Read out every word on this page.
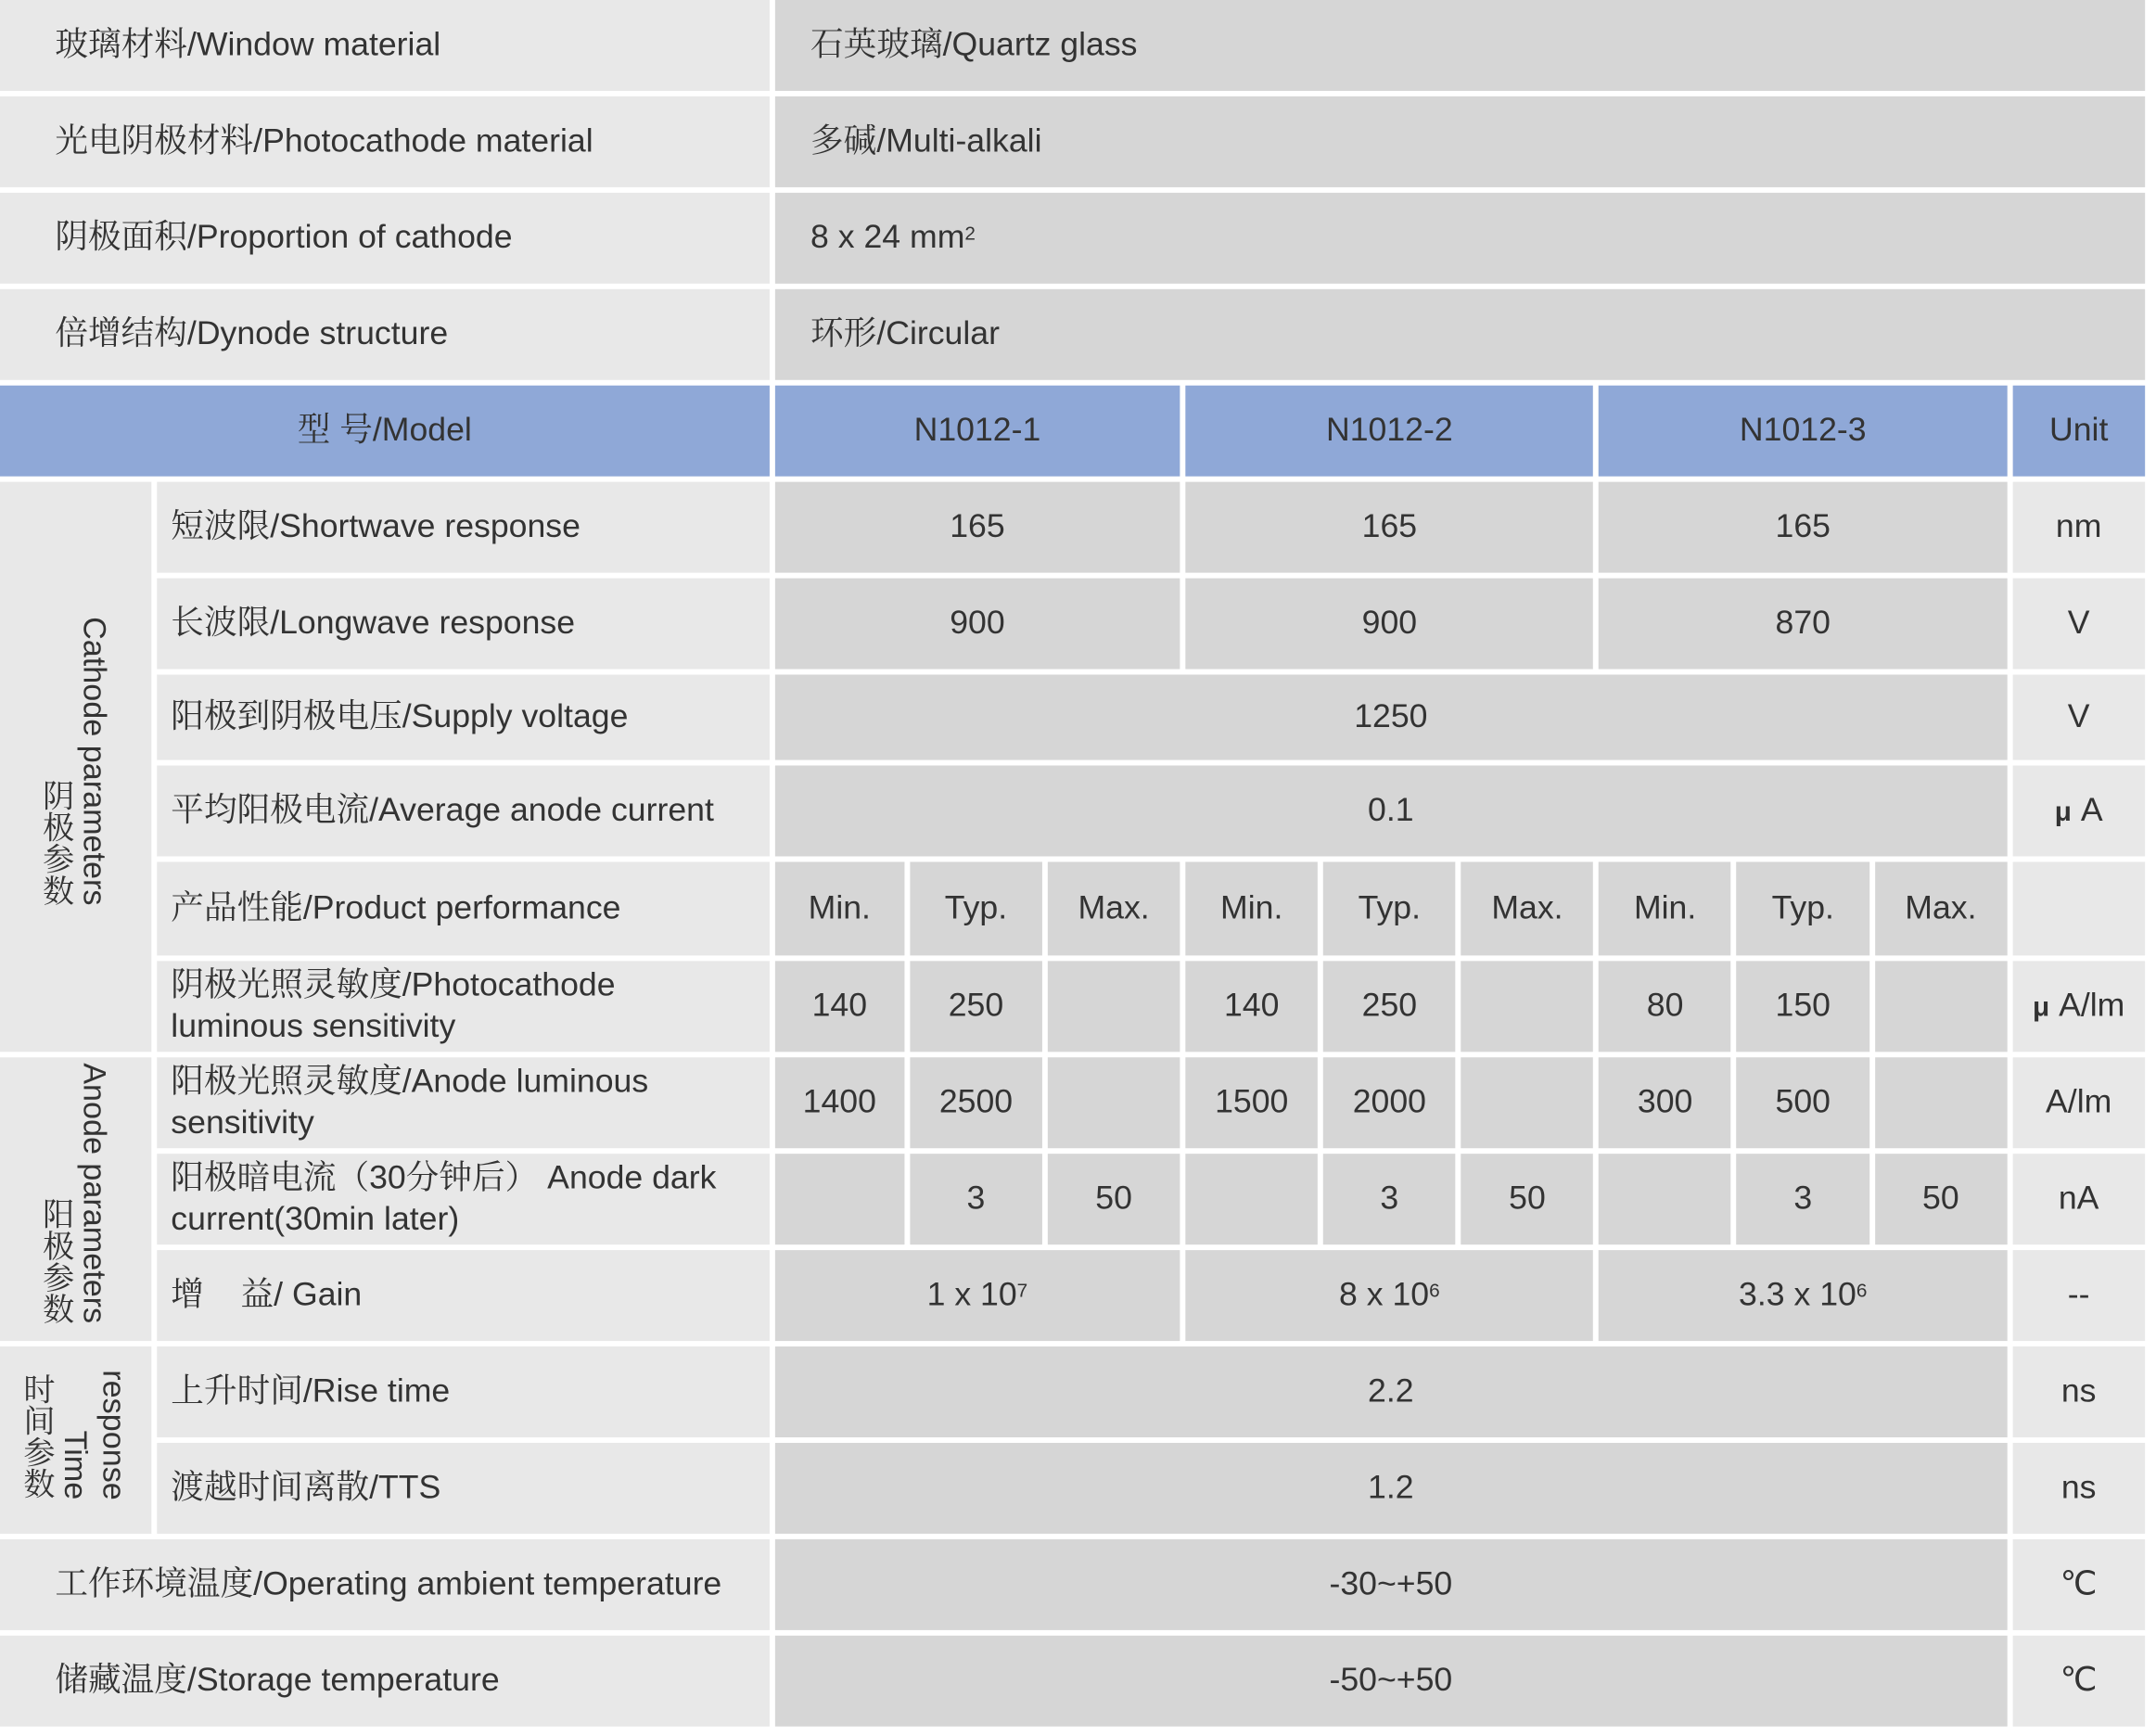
玻璃材料/Window material		石英玻璃/Quartz glass									
光电阴极材料/Photocathode material		多碱/Multi-alkali									
阴极面积/Proportion of cathode		8 x 24 $mm^2$
倍增结构/Dynode structure		环形/Circular									
型 号/Model		N1012-1			N1012-2			N1012-3			Unit
阴极参数 Cathode parameters	短波限/Shortwave response	165			165			165			nm
	长波限/Longwave response	900			900			870			V
	阳极到阴极电压/Supply voltage	1250									V
	平均阳极电流/Average anode current	0.1									μ A
	产品性能/Product performance	Min.	Typ.	Max.	Min.	Typ.	Max.	Min.	Typ.	Max.	
	阴极光照灵敏度/Photocathode
luminous sensitivity	140	250		140	250		80	150		μ A/lm
阳极参数 Anode parameters	阳极光照灵敏度/Anode luminous
sensitivity	1400	2500		1500	2000		300	500		A/lm
	阳极暗电流（30分钟后） Anode dark
current(30min later)		3	50		3	50		3	50	nA
	增    益/ Gain	1 x $10^7$			8 x $10^6$			3.3 x $10^6$			--
时间参数 Time response	上升时间/Rise time	2.2									ns
	渡越时间离散/TTS	1.2									ns
工作环境温度/Operating ambient temperature		-30~+50									℃
储藏温度/Storage temperature		-50~+50									℃
